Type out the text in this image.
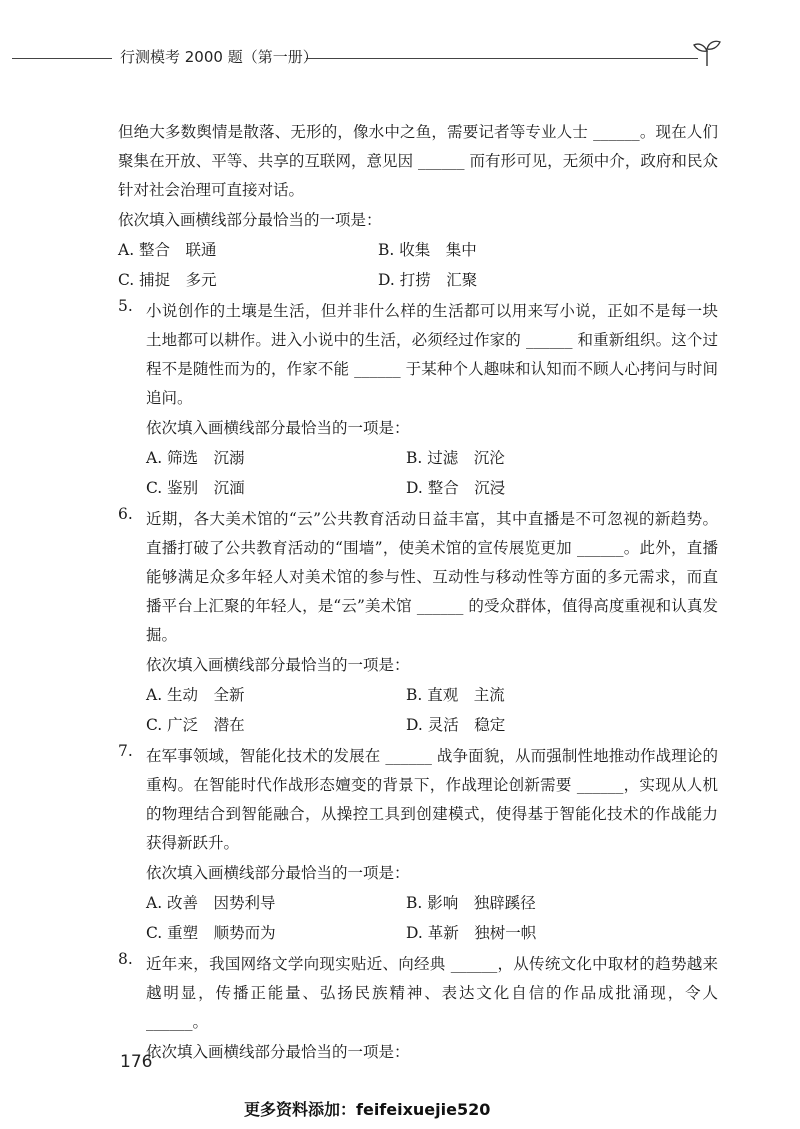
行测模考 2000 题（第一册）

但绝大多数舆情是散落、无形的，像水中之鱼，需要记者等专业人士 ______。现在人们聚集在开放、平等、共享的互联网，意见因 ______ 而有形可见，无须中介，政府和民众针对社会治理可直接对话。

依次填入画横线部分最恰当的一项是：
A. 整合　联通	B. 收集　集中
C. 捕捉　多元	D. 打捞　汇聚
5. 小说创作的土壤是生活，但并非什么样的生活都可以用来写小说，正如不是每一块土地都可以耕作。进入小说中的生活，必须经过作家的 ______ 和重新组织。这个过程不是随性而为的，作家不能 ______ 于某种个人趣味和认知而不顾人心拷问与时间追问。

依次填入画横线部分最恰当的一项是：
A. 筛选　沉溺	B. 过滤　沉沦
C. 鉴别　沉湎	D. 整合　沉浸
6. 近期，各大美术馆的“云”公共教育活动日益丰富，其中直播是不可忽视的新趋势。直播打破了公共教育活动的“围墙”，使美术馆的宣传展览更加 ______。此外，直播能够满足众多年轻人对美术馆的参与性、互动性与移动性等方面的多元需求，而直播平台上汇聚的年轻人，是“云”美术馆 ______ 的受众群体，值得高度重视和认真发掘。

依次填入画横线部分最恰当的一项是：
A. 生动　全新	B. 直观　主流
C. 广泛　潜在	D. 灵活　稳定
7. 在军事领域，智能化技术的发展在 ______ 战争面貌，从而强制性地推动作战理论的重构。在智能时代作战形态嬗变的背景下，作战理论创新需要 ______，实现从人机的物理结合到智能融合，从操控工具到创建模式，使得基于智能化技术的作战能力获得新跃升。

依次填入画横线部分最恰当的一项是：
A. 改善　因势利导	B. 影响　独辟蹊径
C. 重塑　顺势而为	D. 革新　独树一帜
8. 近年来，我国网络文学向现实贴近、向经典 ______，从传统文化中取材的趋势越来越明显，传播正能量、弘扬民族精神、表达文化自信的作品成批涌现，令人 ______。

依次填入画横线部分最恰当的一项是：
176
更多资料添加：feifeixuejie520
